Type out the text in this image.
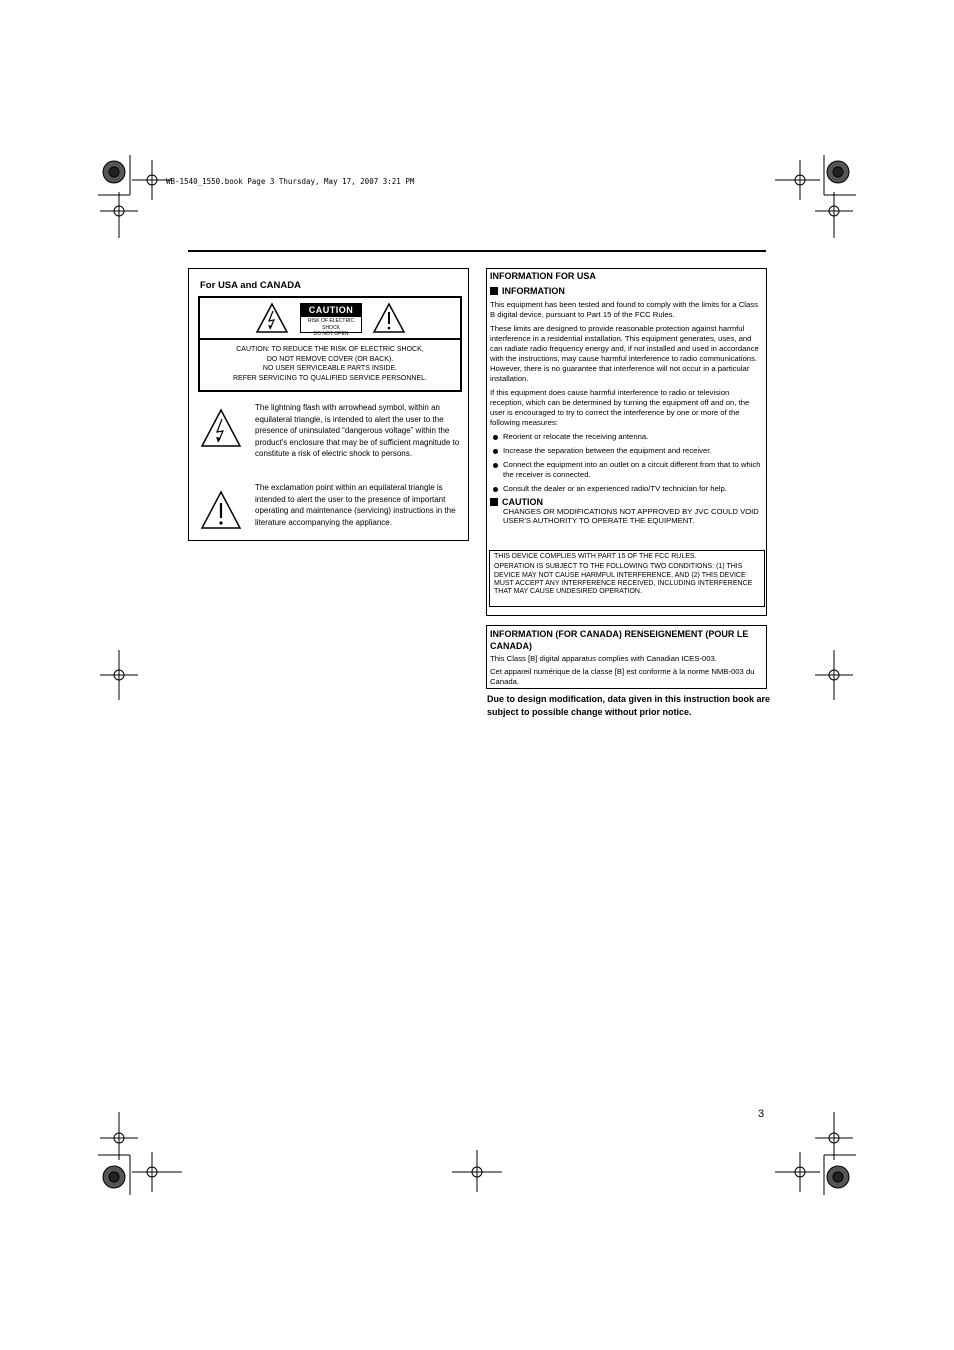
WB-1540_1550.book Page 3 Thursday, May 17, 2007 3:21 PM
For USA and CANADA
CAUTION
RISK OF ELECTRIC SHOCK
DO NOT OPEN
CAUTION: TO REDUCE THE RISK OF ELECTRIC SHOCK,
DO NOT REMOVE COVER (OR BACK).
NO USER SERVICEABLE PARTS INSIDE.
REFER SERVICING TO QUALIFIED SERVICE PERSONNEL.
The lightning flash with arrowhead symbol, within an equilateral triangle, is intended to alert the user to the presence of uninsulated “dangerous voltage” within the product's enclosure that may be of sufficient magnitude to constitute a risk of electric shock to persons.
The exclamation point within an equilateral triangle is intended to alert the user to the presence of important operating and maintenance (servicing) instructions in the literature accompanying the appliance.
INFORMATION FOR USA
INFORMATION
This equipment has been tested and found to comply with the limits for a Class B digital device, pursuant to Part 15 of the FCC Rules.
These limits are designed to provide reasonable protection against harmful interference in a residential installation. This equipment generates, uses, and can radiate radio frequency energy and, if not installed and used in accordance with the instructions, may cause harmful interference to radio communications. However, there is no guarantee that interference will not occur in a particular installation.
If this equipment does cause harmful interference to radio or television reception, which can be determined by turning the equipment off and on, the user is encouraged to try to correct the interference by one or more of the following measures:
Reorient or relocate the receiving antenna.
Increase the separation between the equipment and receiver.
Connect the equipment into an outlet on a circuit different from that to which the receiver is connected.
Consult the dealer or an experienced radio/TV technician for help.
CAUTION
CHANGES OR MODIFICATIONS NOT APPROVED BY JVC COULD VOID USER'S AUTHORITY TO OPERATE THE EQUIPMENT.
THIS DEVICE COMPLIES WITH PART 15 OF THE FCC RULES.
OPERATION IS SUBJECT TO THE FOLLOWING TWO CONDITIONS: (1) THIS DEVICE MAY NOT CAUSE HARMFUL INTERFERENCE, AND (2) THIS DEVICE MUST ACCEPT ANY INTERFERENCE RECEIVED, INCLUDING INTERFERENCE THAT MAY CAUSE UNDESIRED OPERATION.
INFORMATION (FOR CANADA) RENSEIGNEMENT (POUR LE CANADA)
This Class [B] digital apparatus complies with Canadian ICES-003.
Cet appareil numérique de la classe [B] est conforme à la norme NMB-003 du Canada.
Due to design modification, data given in this instruction book are subject to possible change without prior notice.
3
